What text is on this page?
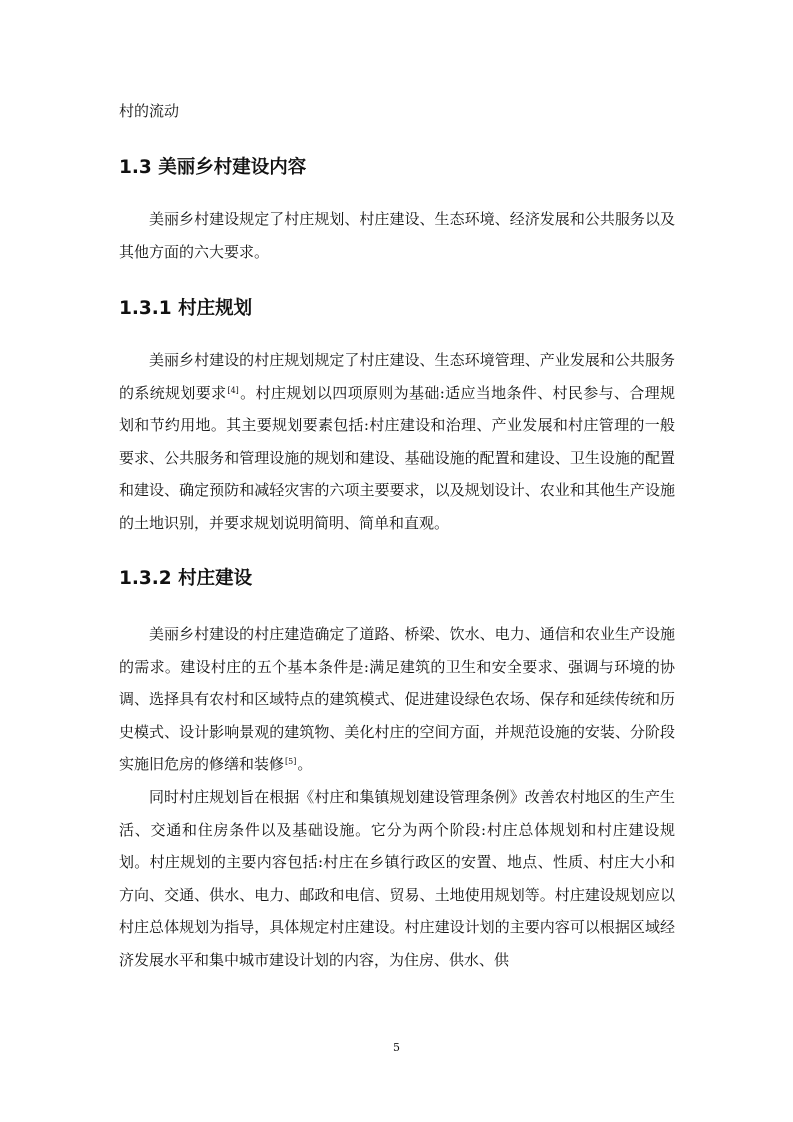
村的流动
1.3 美丽乡村建设内容

美丽乡村建设规定了村庄规划、村庄建设、生态环境、经济发展和公共服务以及其他方面的六大要求。

1.3.1 村庄规划

美丽乡村建设的村庄规划规定了村庄建设、生态环境管理、产业发展和公共服务的系统规划要求[4]。村庄规划以四项原则为基础:适应当地条件、村民参与、合理规划和节约用地。其主要规划要素包括:村庄建设和治理、产业发展和村庄管理的一般要求、公共服务和管理设施的规划和建设、基础设施的配置和建设、卫生设施的配置和建设、确定预防和减轻灾害的六项主要要求，以及规划设计、农业和其他生产设施的土地识别，并要求规划说明简明、简单和直观。

1.3.2 村庄建设

美丽乡村建设的村庄建造确定了道路、桥梁、饮水、电力、通信和农业生产设施的需求。建设村庄的五个基本条件是:满足建筑的卫生和安全要求、强调与环境的协调、选择具有农村和区域特点的建筑模式、促进建设绿色农场、保存和延续传统和历史模式、设计影响景观的建筑物、美化村庄的空间方面，并规范设施的安装、分阶段实施旧危房的修缮和装修[5]。

同时村庄规划旨在根据《村庄和集镇规划建设管理条例》改善农村地区的生产生活、交通和住房条件以及基础设施。它分为两个阶段:村庄总体规划和村庄建设规划。村庄规划的主要内容包括:村庄在乡镇行政区的安置、地点、性质、村庄大小和方向、交通、供水、电力、邮政和电信、贸易、土地使用规划等。村庄建设规划应以村庄总体规划为指导，具体规定村庄建设。村庄建设计划的主要内容可以根据区域经济发展水平和集中城市建设计划的内容，为住房、供水、供

5
